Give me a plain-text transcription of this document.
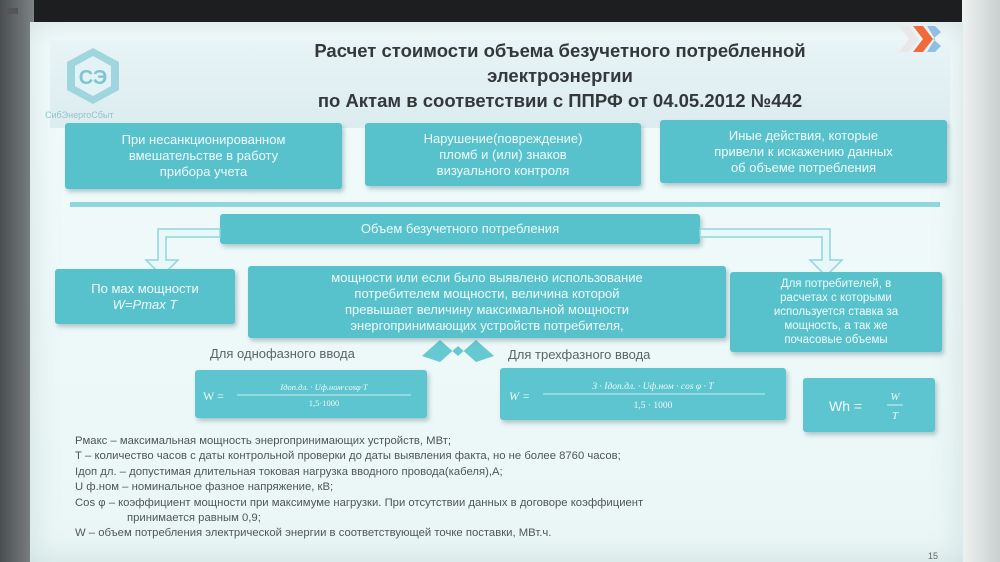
СЭ
СибЭнергоСбыт
Расчет стоимости объема безучетного потребленной
электроэнергии
по Актам в соответствии с ППРФ от 04.05.2012 №442
При несанкционированном
вмешательстве в работу
прибора учета
Нарушение(повреждение)
пломб и (или) знаков
визуального контроля
Иные действия, которые
привели к искажению данных
об объеме потребления
Объем безучетного потребления
По мах мощности
W=Pmax T
мощности или если было выявлено использование
потребителем мощности, величина которой
превышает величину максимальной мощности
энергопринимающих устройств потребителя,
Для потребителей, в
расчетах с которыми
используется ставка за
мощность, а так же
почасовые объемы
Для однофазного ввода	Для трехфазного ввода
W =
Iдоп.дл. · Uф.ном·cosφ·T
1,5·1000	W =
3 · Iдоп.дл. · Uф.ном · cos φ · T
1,5 · 1000	Wh =
W
T
Рмакс – максимальная мощность энергопринимающих устройств, МВт;
Т – количество часов с даты контрольной проверки до даты выявления факта, но не более 8760 часов;
Iдоп дл. – допустимая длительная токовая нагрузка вводного провода(кабеля),А;
U ф.ном – номинальное фазное напряжение, кВ;
Cos φ – коэффициент мощности при максимуме нагрузки. При отсутствии данных в договоре коэффициент
принимается равным 0,9;
W – объем потребления электрической энергии в соответствующей точке поставки, МВт.ч.
15
